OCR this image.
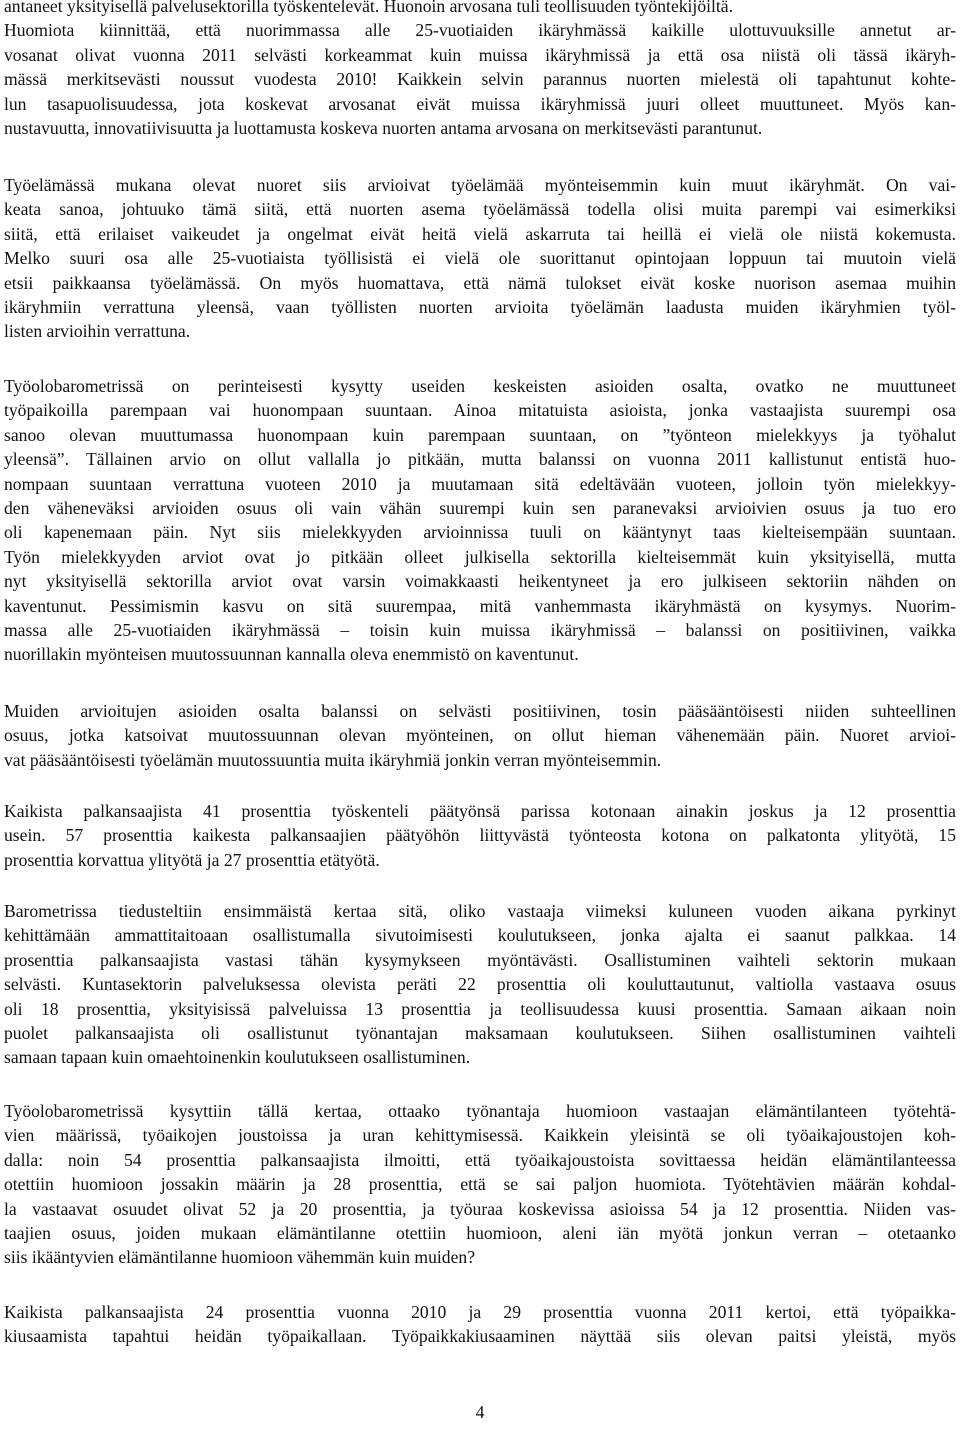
antaneet yksityisellä palvelusektorilla työskentelevät. Huonoin arvosana tuli teollisuuden työntekijöiltä.
Huomiota kiinnittää, että nuorimmassa alle 25-vuotiaiden ikäryhmässä kaikille ulottuvuuksille annetut ar-
vosanat olivat vuonna 2011 selvästi korkeammat kuin muissa ikäryhmissä ja että osa niistä oli tässä ikäryh-
mässä merkitsevästi noussut vuodesta 2010! Kaikkein selvin parannus nuorten mielestä oli tapahtunut kohte-
lun tasapuolisuudessa, jota koskevat arvosanat eivät muissa ikäryhmissä juuri olleet muuttuneet. Myös kan-
nustavuutta, innovatiivisuutta ja luottamusta koskeva nuorten antama arvosana on merkitsevästi parantunut.
Työelämässä mukana olevat nuoret siis arvioivat työelämää myönteisemmin kuin muut ikäryhmät. On vai-
keata sanoa, johtuuko tämä siitä, että nuorten asema työelämässä todella olisi muita parempi vai esimerkiksi
siitä, että erilaiset vaikeudet ja ongelmat eivät heitä vielä askarruta tai heillä ei vielä ole niistä kokemusta.
Melko suuri osa alle 25-vuotiaista työllisistä ei vielä ole suorittanut opintojaan loppuun tai muutoin vielä
etsii paikkaansa työelämässä. On myös huomattava, että nämä tulokset eivät koske nuorison asemaa muihin
ikäryhmiin verrattuna yleensä, vaan työllisten nuorten arvioita työelämän laadusta muiden ikäryhmien työl-
listen arvioihin verrattuna.
Työolobarometrissä on perinteisesti kysytty useiden keskeisten asioiden osalta, ovatko ne muuttuneet
työpaikoilla parempaan vai huonompaan suuntaan. Ainoa mitatuista asioista, jonka vastaajista suurempi osa
sanoo olevan muuttumassa huonompaan kuin parempaan suuntaan, on ”työnteon mielekkyys ja työhalut
yleensä”. Tällainen arvio on ollut vallalla jo pitkään, mutta balanssi on vuonna 2011 kallistunut entistä huo-
nompaan suuntaan verrattuna vuoteen 2010 ja muutamaan sitä edeltävään vuoteen, jolloin työn mielekkyy-
den väheneväksi arvioiden osuus oli vain vähän suurempi kuin sen paranevaksi arvioivien osuus ja tuo ero
oli kapenemaan päin. Nyt siis mielekkyyden arvioinnissa tuuli on kääntynyt taas kielteisempään suuntaan.
Työn mielekkyyden arviot ovat jo pitkään olleet julkisella sektorilla kielteisemmät kuin yksityisellä, mutta
nyt yksityisellä sektorilla arviot ovat varsin voimakkaasti heikentyneet ja ero julkiseen sektoriin nähden on
kaventunut. Pessimismin kasvu on sitä suurempaa, mitä vanhemmasta ikäryhmästä on kysymys. Nuorim-
massa alle 25-vuotiaiden ikäryhmässä – toisin kuin muissa ikäryhmissä – balanssi on positiivinen, vaikka
nuorillakin myönteisen muutossuunnan kannalla oleva enemmistö on kaventunut.
Muiden arvioitujen asioiden osalta balanssi on selvästi positiivinen, tosin pääsääntöisesti niiden suhteellinen
osuus, jotka katsoivat muutossuunnan olevan myönteinen, on ollut hieman vähenemään päin. Nuoret arvioi-
vat pääsääntöisesti työelämän muutossuuntia muita ikäryhmiä jonkin verran myönteisemmin.
Kaikista palkansaajista 41 prosenttia työskenteli päätyönsä parissa kotonaan ainakin joskus ja 12 prosenttia
usein. 57 prosenttia kaikesta palkansaajien päätyöhön liittyvästä työnteosta kotona on palkatonta ylityötä, 15
prosenttia korvattua ylityötä ja 27 prosenttia etätyötä.
Barometrissa tiedusteltiin ensimmäistä kertaa sitä, oliko vastaaja viimeksi kuluneen vuoden aikana pyrkinyt
kehittämään ammattitaitoaan osallistumalla sivutoimisesti koulutukseen, jonka ajalta ei saanut palkkaa. 14
prosenttia palkansaajista vastasi tähän kysymykseen myöntävästi. Osallistuminen vaihteli sektorin mukaan
selvästi. Kuntasektorin palveluksessa olevista peräti 22 prosenttia oli kouluttautunut, valtiolla vastaava osuus
oli 18 prosenttia, yksityisissä palveluissa 13 prosenttia ja teollisuudessa kuusi prosenttia. Samaan aikaan noin
puolet palkansaajista oli osallistunut työnantajan maksamaan koulutukseen. Siihen osallistuminen vaihteli
samaan tapaan kuin omaehtoinenkin koulutukseen osallistuminen.
Työolobarometrissä kysyttiin tällä kertaa, ottaako työnantaja huomioon vastaajan elämäntilanteen työtehtä-
vien määrissä, työaikojen joustoissa ja uran kehittymisessä. Kaikkein yleisintä se oli työaikajoustojen koh-
dalla: noin 54 prosenttia palkansaajista ilmoitti, että työaikajoustoista sovittaessa heidän elämäntilanteessa
otettiin huomioon jossakin määrin ja 28 prosenttia, että se sai paljon huomiota. Työtehtävien määrän kohdal-
la vastaavat osuudet olivat 52 ja 20 prosenttia, ja työuraa koskevissa asioissa 54 ja 12 prosenttia. Niiden vas-
taajien osuus, joiden mukaan elämäntilanne otettiin huomioon, aleni iän myötä jonkun verran – otetaanko
siis ikääntyvien elämäntilanne huomioon vähemmän kuin muiden?
Kaikista palkansaajista 24 prosenttia vuonna 2010 ja 29 prosenttia vuonna 2011 kertoi, että työpaikka-
kiusaamista tapahtui heidän työpaikallaan. Työpaikkakiusaaminen näyttää siis olevan paitsi yleistä, myös
4
